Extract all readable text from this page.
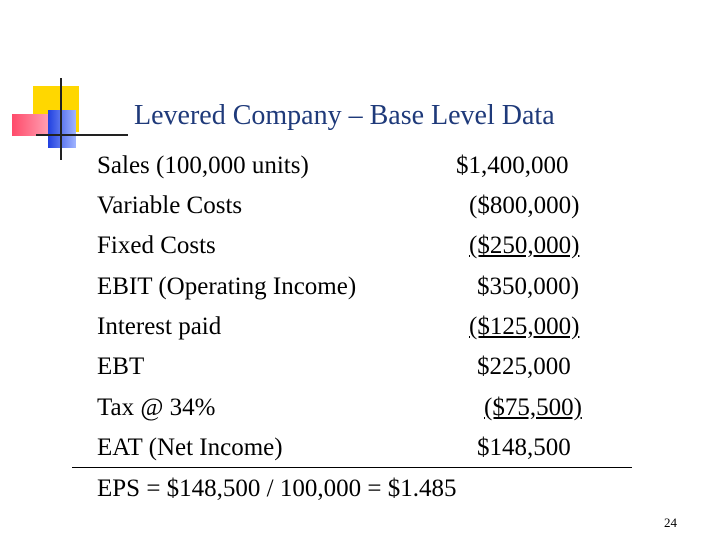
Levered Company – Base Level Data
Sales (100,000 units)	$1,400,000
Variable Costs	($800,000)
Fixed Costs	($250,000)
EBIT (Operating Income)	$350,000)
Interest paid	($125,000)
EBT	$225,000
Tax @ 34%	($75,500)
EAT (Net Income)	$148,500
EPS = $148,500 / 100,000 = $1.485
24
